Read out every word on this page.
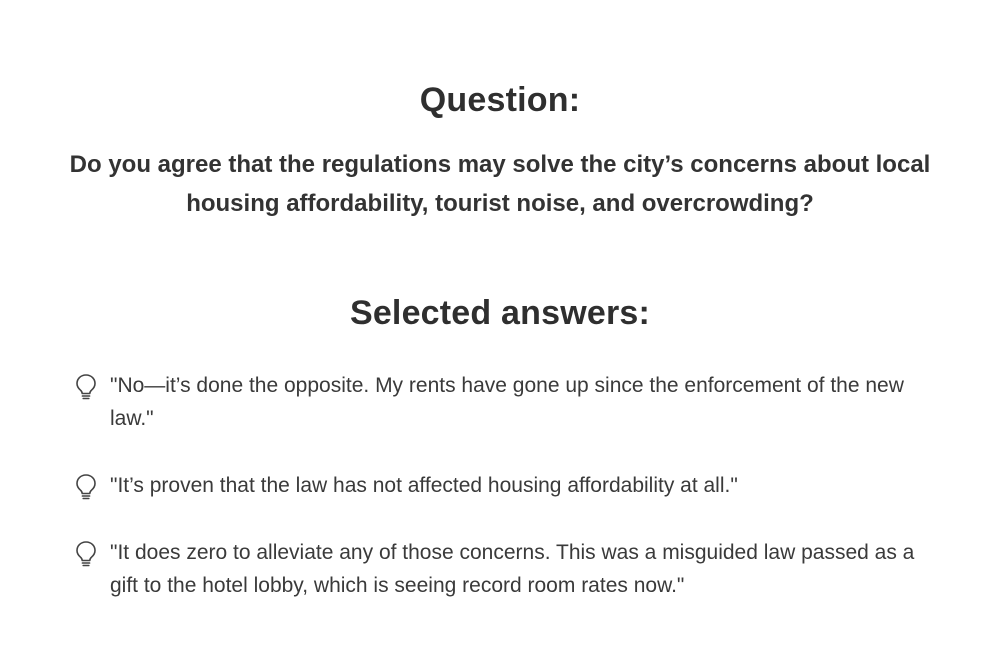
Question:

Do you agree that the regulations may solve the city’s concerns about local housing affordability, tourist noise, and overcrowding?

Selected answers:
"No—it’s done the opposite. My rents have gone up since the enforcement of the new law."
"It’s proven that the law has not affected housing affordability at all."
"It does zero to alleviate any of those concerns. This was a misguided law passed as a gift to the hotel lobby, which is seeing record room rates now."
